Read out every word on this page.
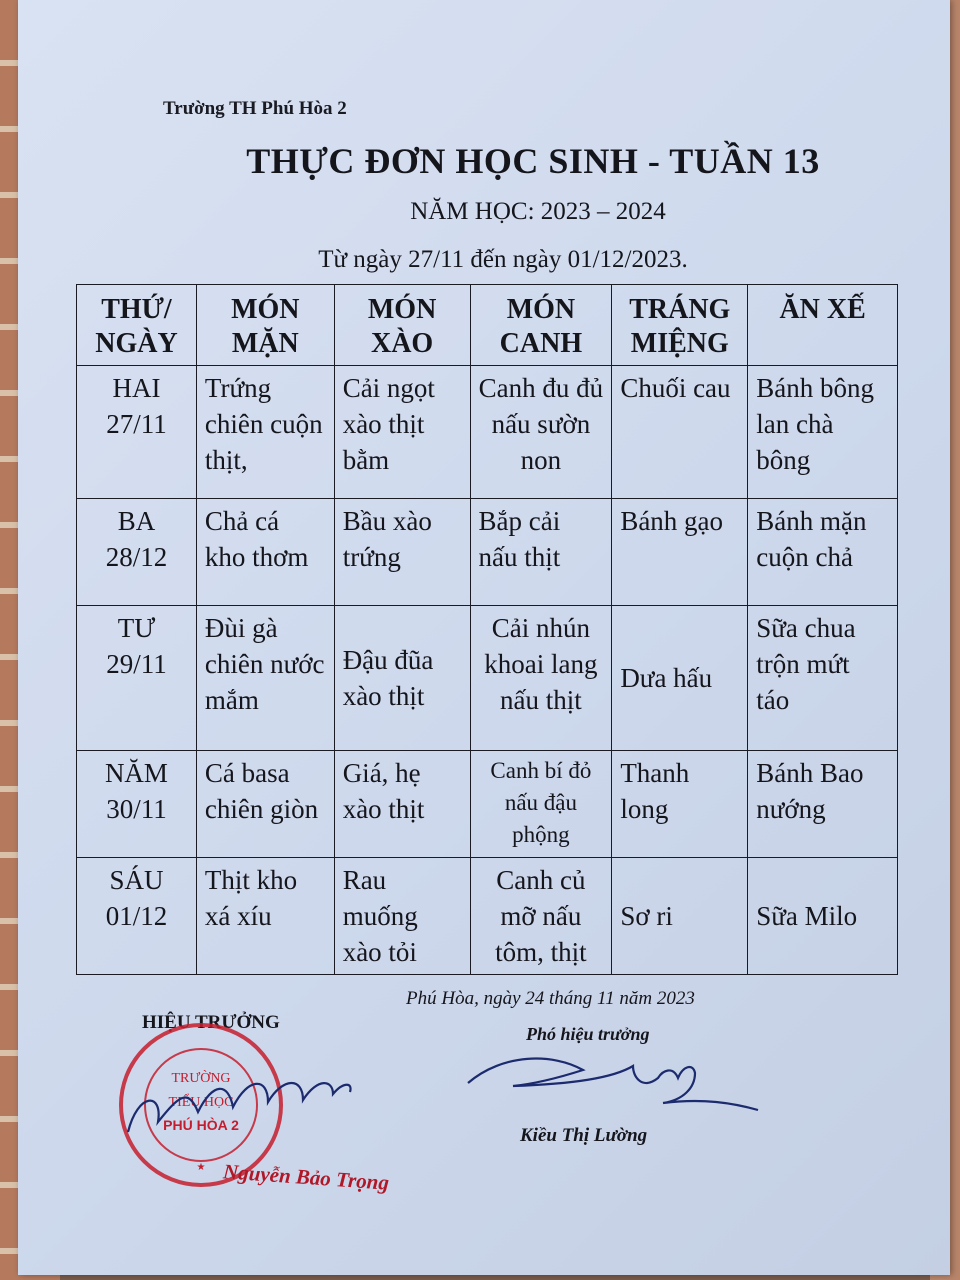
Trường TH Phú Hòa 2
THỰC ĐƠN HỌC SINH - TUẦN 13
NĂM HỌC: 2023 – 2024
Từ ngày 27/11 đến ngày 01/12/2023.
THỨ/ NGÀY	MÓN MẶN	MÓN XÀO	MÓN CANH	TRÁNG MIỆNG	ĂN XẾ

HAI
27/11	Trứng chiên cuộn thịt,	Cải ngọt xào thịt bằm	Canh đu đủ nấu sườn non	Chuối cau	Bánh bông lan chà bông

BA
28/12	Chả cá kho thơm	Bầu xào trứng	Bắp cải nấu thịt	Bánh gạo	Bánh mặn cuộn chả

TƯ
29/11	Đùi gà chiên nước mắm	Đậu đũa xào thịt	Cải nhún khoai lang nấu thịt	Dưa hấu	Sữa chua trộn mứt táo

NĂM
30/11	Cá basa chiên giòn	Giá, hẹ xào thịt	Canh bí đỏ nấu đậu phộng	Thanh long	Bánh Bao nướng

SÁU
01/12	Thịt kho xá xíu	Rau muống xào tỏi	Canh củ mỡ nấu tôm, thịt	Sơ ri	Sữa Milo
Phú Hòa, ngày 24 tháng 11 năm 2023
HIỆU TRƯỞNG
Phó hiệu trưởng
TRƯỜNG
TIỂU HỌC
PHÚ HÒA 2
★
Kiều Thị Lường
Nguyễn Bảo Trọng
